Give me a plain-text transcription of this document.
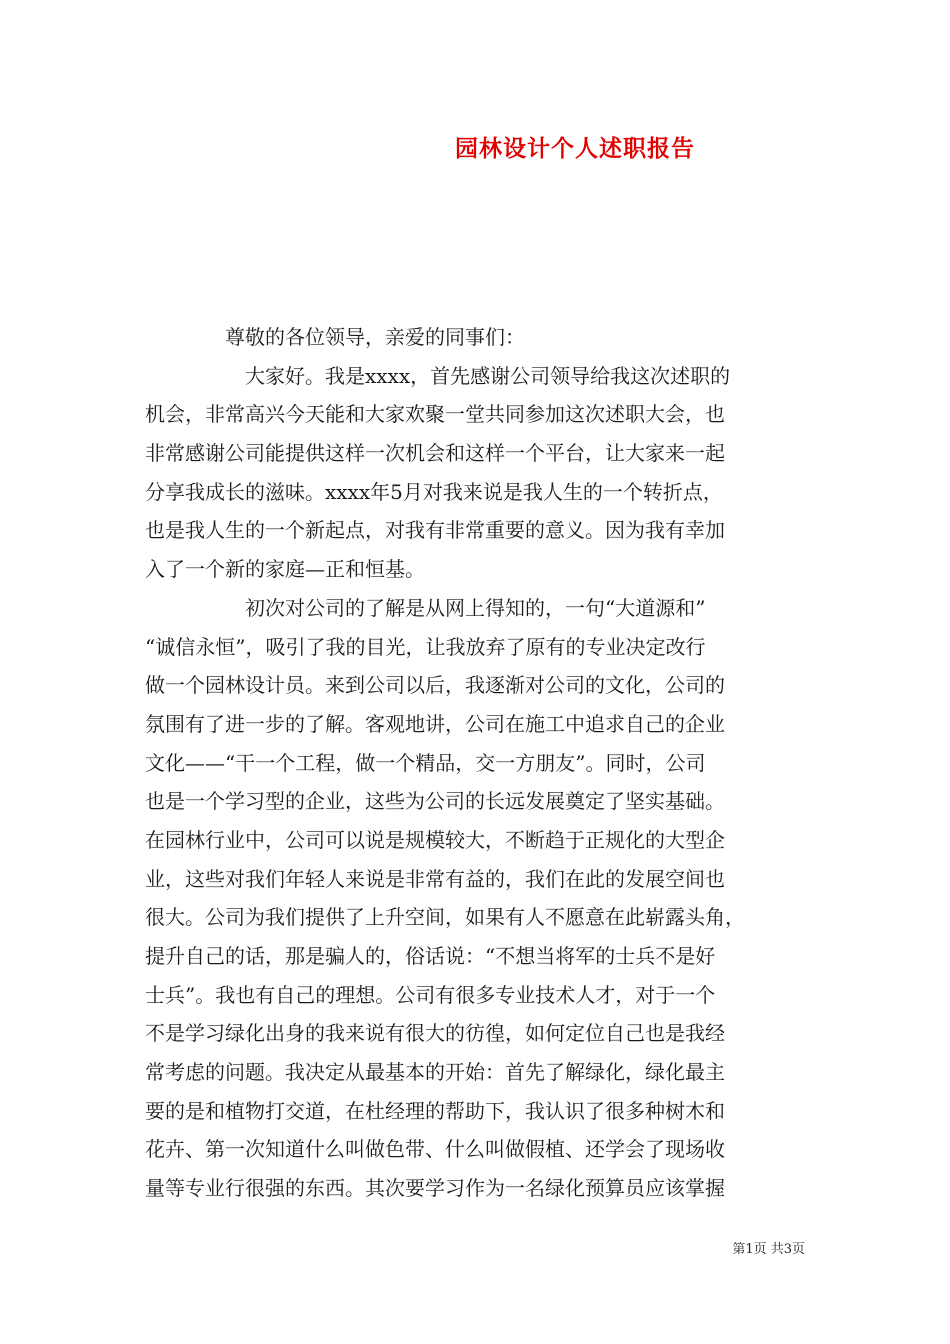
园林设计个人述职报告
　　　　尊敬的各位领导，亲爱的同事们：
　　　　　大家好。我是xxxx，首先感谢公司领导给我这次述职的
机会，非常高兴今天能和大家欢聚一堂共同参加这次述职大会，也
非常感谢公司能提供这样一次机会和这样一个平台，让大家来一起
分享我成长的滋味。xxxx年5月对我来说是我人生的一个转折点，
也是我人生的一个新起点，对我有非常重要的意义。因为我有幸加
入了一个新的家庭—正和恒基。
　　　　　初次对公司的了解是从网上得知的，一句“大道源和”
“诚信永恒”，吸引了我的目光，让我放弃了原有的专业决定改行
做一个园林设计员。来到公司以后，我逐渐对公司的文化，公司的
氛围有了进一步的了解。客观地讲，公司在施工中追求自己的企业
文化——“干一个工程，做一个精品，交一方朋友”。同时，公司
也是一个学习型的企业，这些为公司的长远发展奠定了坚实基础。
在园林行业中，公司可以说是规模较大，不断趋于正规化的大型企
业，这些对我们年轻人来说是非常有益的，我们在此的发展空间也
很大。公司为我们提供了上升空间，如果有人不愿意在此崭露头角，
提升自己的话，那是骗人的，俗话说：“不想当将军的士兵不是好
士兵”。我也有自己的理想。公司有很多专业技术人才，对于一个
不是学习绿化出身的我来说有很大的彷徨，如何定位自己也是我经
常考虑的问题。我决定从最基本的开始：首先了解绿化，绿化最主
要的是和植物打交道，在杜经理的帮助下，我认识了很多种树木和
花卉、第一次知道什么叫做色带、什么叫做假植、还学会了现场收
量等专业行很强的东西。其次要学习作为一名绿化预算员应该掌握
第1页 共3页
